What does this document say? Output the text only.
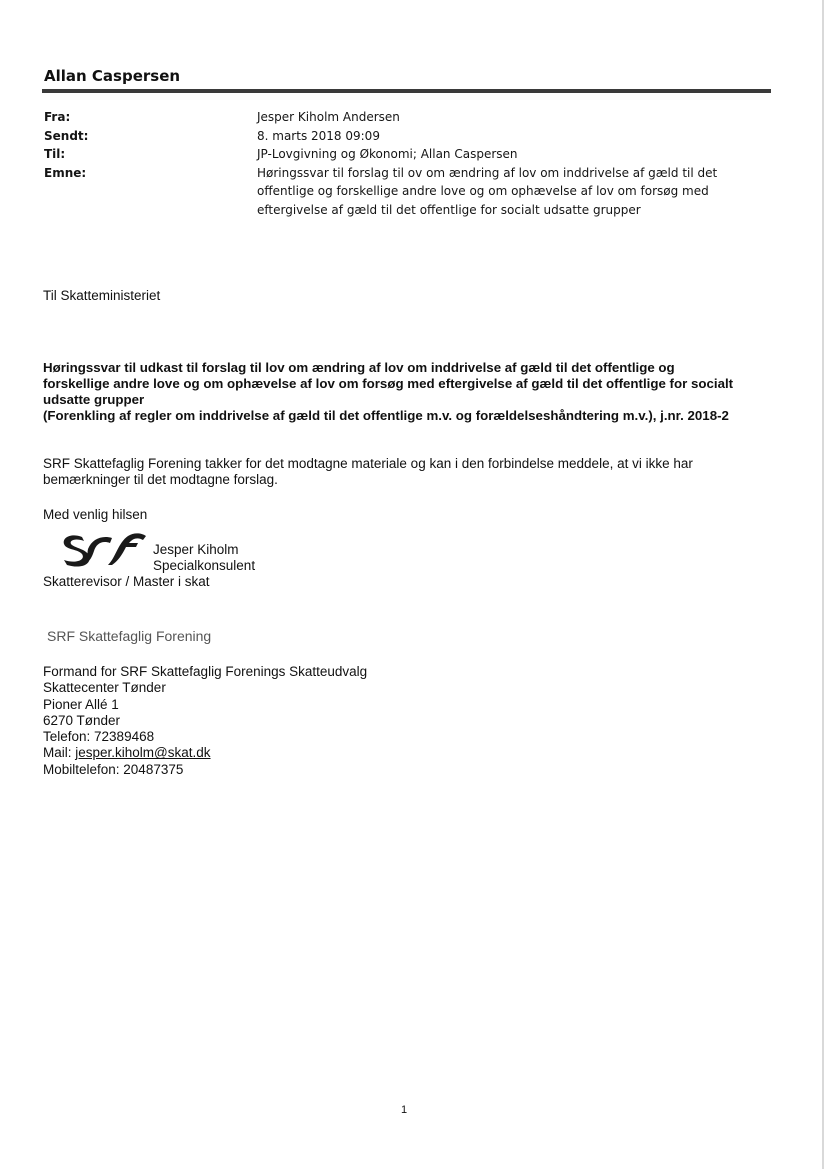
Allan Caspersen
Fra:	Jesper Kiholm Andersen
Sendt:	8. marts 2018 09:09
Til:	JP-Lovgivning og Økonomi; Allan Caspersen
Emne:	Høringssvar til forslag til ov om ændring af lov om inddrivelse af gæld til det
offentlige og forskellige andre love og om ophævelse af lov om forsøg med
eftergivelse af gæld til det offentlige for socialt udsatte grupper

Til Skatteministeriet

Høringssvar til udkast til forslag til lov om ændring af lov om inddrivelse af gæld til det offentlige og
forskellige andre love og om ophævelse af lov om forsøg med eftergivelse af gæld til det offentlige for socialt
udsatte grupper
(Forenkling af regler om inddrivelse af gæld til det offentlige m.v. og forældelseshåndtering m.v.), j.nr. 2018-2
SRF Skattefaglig Forening takker for det modtagne materiale og kan i den forbindelse meddele, at vi ikke har
bemærkninger til det modtagne forslag.

Med venlig hilsen

Jesper Kiholm

Specialkonsulent

Skatterevisor / Master i skat

SRF Skattefaglig Forening

Formand for SRF Skattefaglig Forenings Skatteudvalg
Skattecenter Tønder
Pioner Allé 1
6270 Tønder
Telefon: 72389468
Mail: jesper.kiholm@skat.dk
Mobiltelefon: 20487375

1
